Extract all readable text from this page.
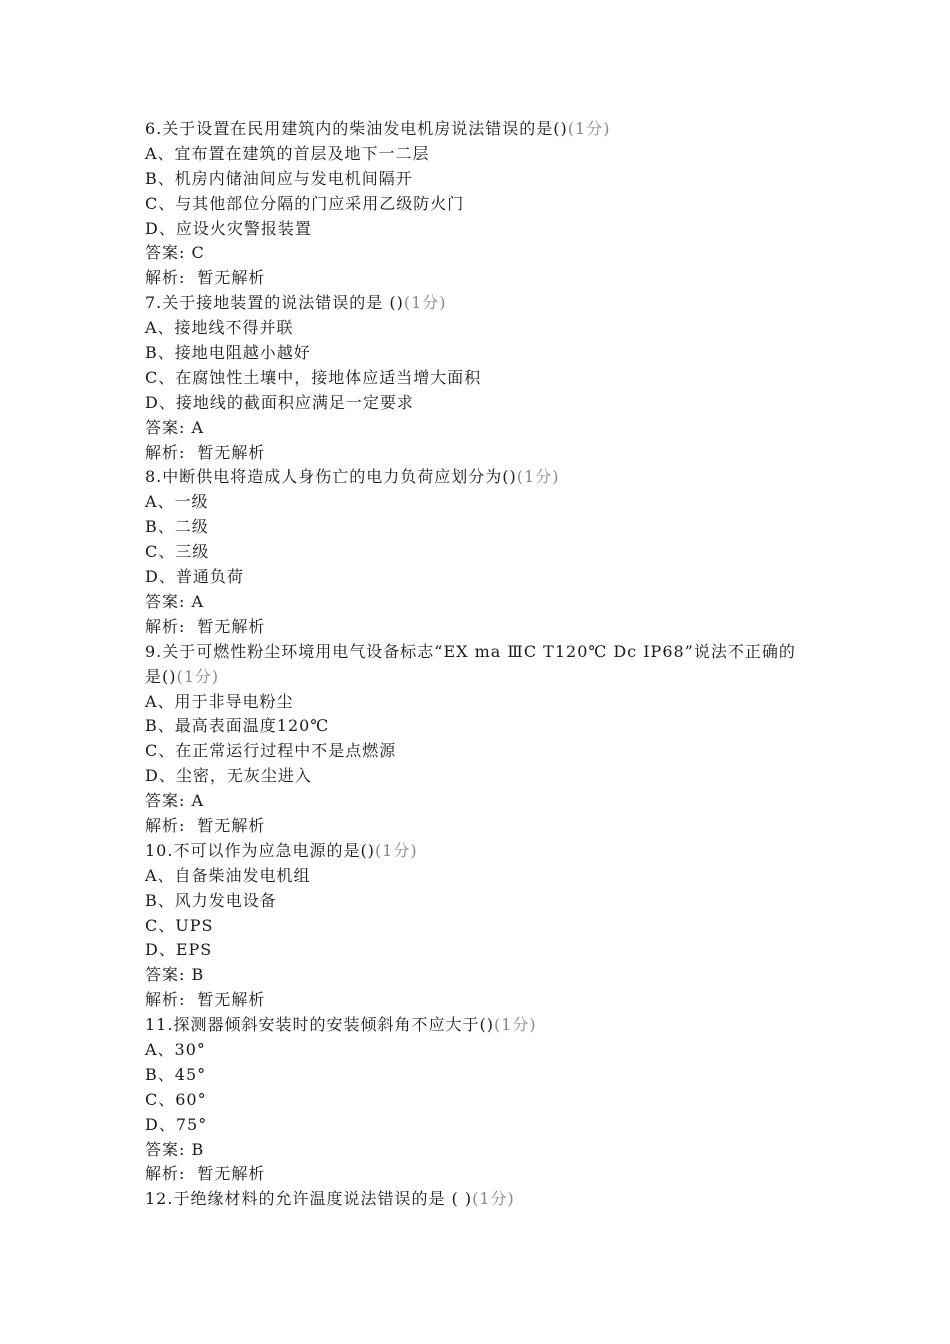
6.关于设置在民用建筑内的柴油发电机房说法错误的是()(1分)
A、宜布置在建筑的首层及地下一二层
B、机房内储油间应与发电机间隔开
C、与其他部位分隔的门应采用乙级防火门
D、应设火灾警报装置
答案: C
解析: 暂无解析
7.关于接地装置的说法错误的是 ()(1分)
A、接地线不得并联
B、接地电阻越小越好
C、在腐蚀性土壤中，接地体应适当增大面积
D、接地线的截面积应满足一定要求
答案: A
解析: 暂无解析
8.中断供电将造成人身伤亡的电力负荷应划分为()(1分)
A、一级
B、二级
C、三级
D、普通负荷
答案: A
解析: 暂无解析
9.关于可燃性粉尘环境用电气设备标志“EX ma ⅢC T120℃ Dc IP68”说法不正确的是()(1分)
A、用于非导电粉尘
B、最高表面温度120℃
C、在正常运行过程中不是点燃源
D、尘密，无灰尘进入
答案: A
解析: 暂无解析
10.不可以作为应急电源的是()(1分)
A、自备柴油发电机组
B、风力发电设备
C、UPS
D、EPS
答案: B
解析: 暂无解析
11.探测器倾斜安装时的安装倾斜角不应大于()(1分)
A、30°
B、45°
C、60°
D、75°
答案: B
解析: 暂无解析
12.于绝缘材料的允许温度说法错误的是 ( )(1分)
